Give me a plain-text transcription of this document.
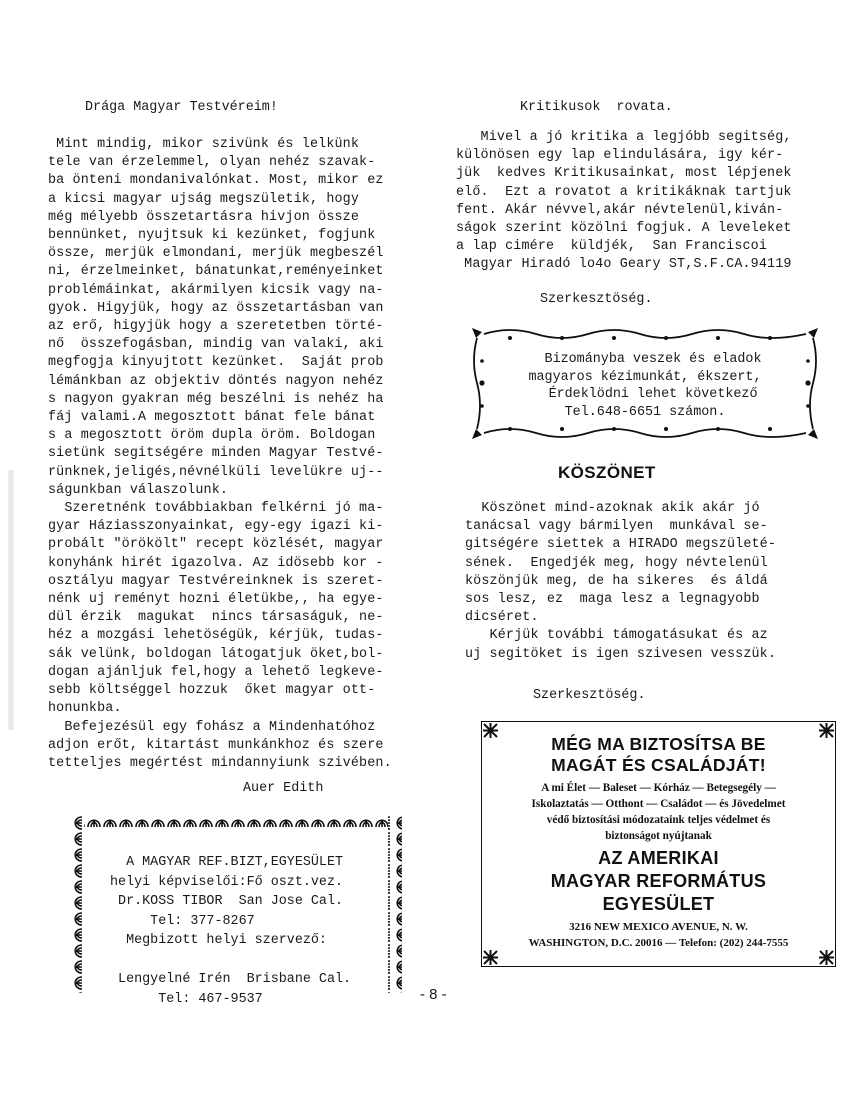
Drága Magyar Testvéreim!
Mint mindig, mikor szivünk és lelkünk
tele van érzelemmel, olyan nehéz szavak-
ba önteni mondanivalónkat. Most, mikor ez
a kicsi magyar ujság megszületik, hogy
még mélyebb összetartásra hivjon össze
bennünket, nyujtsuk ki kezünket, fogjunk
össze, merjük elmondani, merjük megbeszél
ni, érzelmeinket, bánatunkat,reményeinket
problémáinkat, akármilyen kicsik vagy na-
gyok. Higyjük, hogy az összetartásban van
az erő, higyjük hogy a szeretetben törté-
nő  összefogásban, mindig van valaki, aki
megfogja kinyujtott kezünket.  Saját prob
lémánkban az objektiv döntés nagyon nehéz
s nagyon gyakran még beszélni is nehéz ha
fáj valami.A megosztott bánat fele bánat
s a megosztott öröm dupla öröm. Boldogan
sietünk segitségére minden Magyar Testvé-
rünknek,jeligés,névnélküli levelükre uj--
ságunkban válaszolunk.
Szeretnénk továbbiakban felkérni jó ma-
gyar Háziasszonyainkat, egy-egy igazi ki-
probált "örökölt" recept közlését, magyar
konyhánk hirét igazolva. Az idösebb kor -
osztályu magyar Testvéreinknek is szeret-
nénk uj reményt hozni életükbe,, ha egye-
dül érzik  magukat  nincs társaságuk, ne-
héz a mozgási lehetöségük, kérjük, tudas-
sák velünk, boldogan látogatjuk öket,bol-
dogan ajánljuk fel,hogy a lehető legkeve-
sebb költséggel hozzuk  őket magyar ott-
honunkba.
Befejezésül egy fohász a Mindenhatóhoz
adjon erőt, kitartást munkánkhoz és szere
tetteljes megértést mindannyiunk szivében.
Auer Edith
A MAGYAR REF.BIZT,EGYESÜLET
helyi képviselői:Fő oszt.vez.
Dr.KOSS TIBOR  San Jose Cal.
Tel: 377-8267
Megbizott helyi szervező:

Lengyelné Irén  Brisbane Cal.
Tel: 467-9537
Kritikusok  rovata.
Mivel a jó kritika a legjóbb segitség,
különösen egy lap elindulására, igy kér-
jük  kedves Kritikusainkat, most lépjenek
elő.  Ezt a rovatot a kritikáknak tartjuk
fent. Akár névvel,akár névtelenül,kiván-
ságok szerint közölni fogjuk. A leveleket
a lap cimére  küldjék,  San Franciscoi
Magyar Hiradó lo4o Geary ST,S.F.CA.94119
Szerkesztöség.
Bizományba veszek és eladok
magyaros kézimunkát, ékszert,
Érdeklödni lehet következő
Tel.648-6651 számon.
KÖSZÖNET
Köszönet mind-azoknak akik akár jó
tanácsal vagy bármilyen  munkával se-
gitségére siettek a HIRADO megszületé-
sének.  Engedjék meg, hogy névtelenül
köszönjük meg, de ha sikeres  és áldá
sos lesz, ez  maga lesz a legnagyobb
dicséret.
Kérjük további támogatásukat és az
uj segitöket is igen szivesen vesszük.
Szerkesztöség.
MÉG MA BIZTOSÍTSA BE
MAGÁT ÉS CSALÁDJÁT!
A mi Élet — Baleset — Kórház — Betegsegély —
Iskolaztatás — Otthont — Családot — és Jövedelmet
védő biztosítási módozataink teljes védelmet és
biztonságot nyújtanak
AZ AMERIKAI
MAGYAR REFORMÁTUS
EGYESÜLET
3216 NEW MEXICO AVENUE, N. W.
WASHINGTON, D.C. 20016 — Telefon: (202) 244-7555
- 8 -
